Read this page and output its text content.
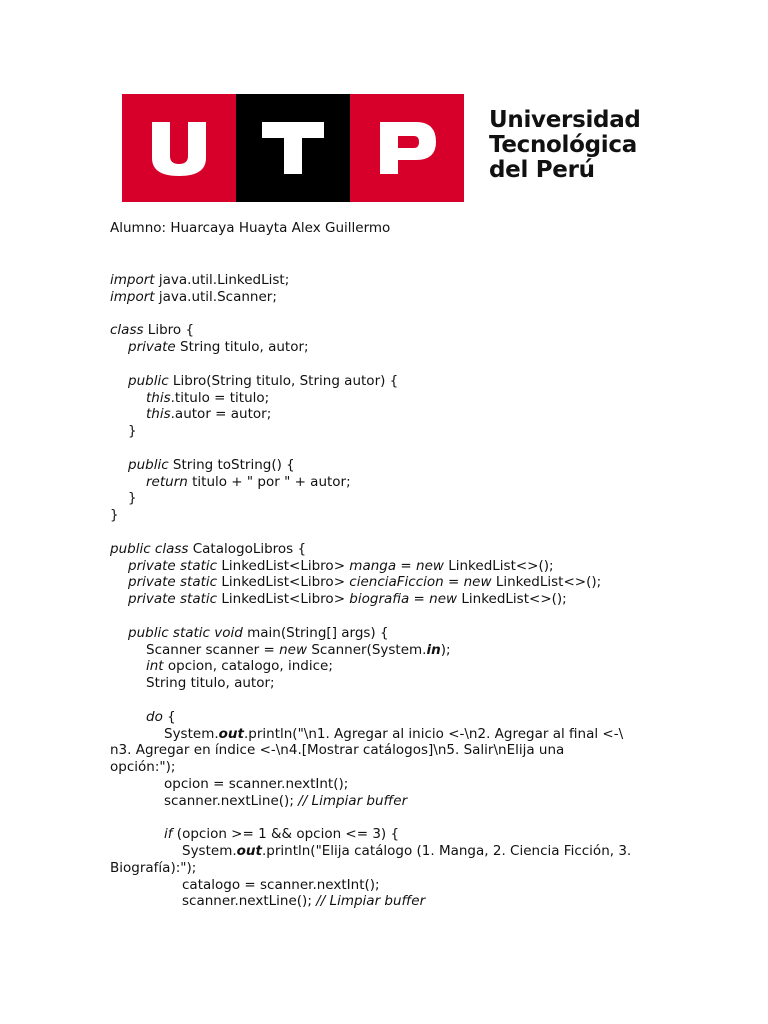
Universidad
Tecnológica
del Perú
Alumno: Huarcaya Huayta Alex Guillermo
import java.util.LinkedList;
import java.util.Scanner;
class Libro {
private String titulo, autor;
public Libro(String titulo, String autor) {
this.titulo = titulo;
this.autor = autor;
}
public String toString() {
return titulo + " por " + autor;
}
}
public class CatalogoLibros {
private static LinkedList<Libro> manga = new LinkedList<>();
private static LinkedList<Libro> cienciaFiccion = new LinkedList<>();
private static LinkedList<Libro> biografia = new LinkedList<>();
public static void main(String[] args) {
Scanner scanner = new Scanner(System.in);
int opcion, catalogo, indice;
String titulo, autor;
do {
System.out.println("\n1. Agregar al inicio <-\n2. Agregar al final <-\
n3. Agregar en índice <-\n4.[Mostrar catálogos]\n5. Salir\nElija una
opción:");
opcion = scanner.nextInt();
scanner.nextLine(); // Limpiar buffer
if (opcion >= 1 && opcion <= 3) {
System.out.println("Elija catálogo (1. Manga, 2. Ciencia Ficción, 3.
Biografía):");
catalogo = scanner.nextInt();
scanner.nextLine(); // Limpiar buffer
